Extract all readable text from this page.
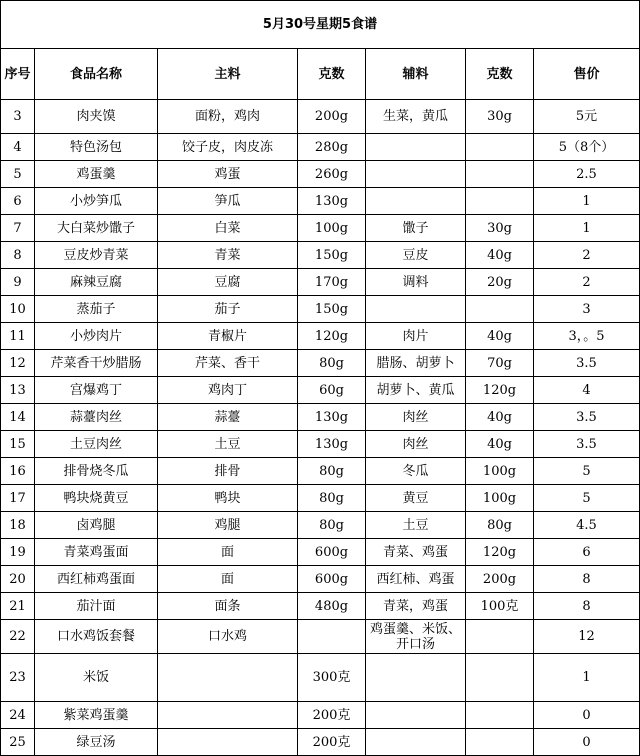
5月30号星期5食谱						
序号	食品名称	主料	克数	辅料	克数	售价
3	肉夹馍	面粉，鸡肉	200g	生菜，黄瓜	30g	5元
4	特色汤包	饺子皮，肉皮冻	280g			5（8个）
5	鸡蛋羹	鸡蛋	260g			2.5
6	小炒笋瓜	笋瓜	130g			1
7	大白菜炒馓子	白菜	100g	馓子	30g	1
8	豆皮炒青菜	青菜	150g	豆皮	40g	2
9	麻辣豆腐	豆腐	170g	调料	20g	2
10	蒸茄子	茄子	150g			3
11	小炒肉片	青椒片	120g	肉片	40g	3，。5
12	芹菜香干炒腊肠	芹菜、香干	80g	腊肠、胡萝卜	70g	3.5
13	宫爆鸡丁	鸡肉丁	60g	胡萝卜、黄瓜	120g	4
14	蒜薹肉丝	蒜薹	130g	肉丝	40g	3.5
15	土豆肉丝	土豆	130g	肉丝	40g	3.5
16	排骨烧冬瓜	排骨	80g	冬瓜	100g	5
17	鸭块烧黄豆	鸭块	80g	黄豆	100g	5
18	卤鸡腿	鸡腿	80g	土豆	80g	4.5
19	青菜鸡蛋面	面	600g	青菜、鸡蛋	120g	6
20	西红柿鸡蛋面	面	600g	西红柿、鸡蛋	200g	8
21	茄汁面	面条	480g	青菜，鸡蛋	100克	8
22	口水鸡饭套餐	口水鸡		鸡蛋羹、米饭、开口汤		12
23	米饭		300克			1
24	紫菜鸡蛋羹		200克			0
25	绿豆汤		200克			0
